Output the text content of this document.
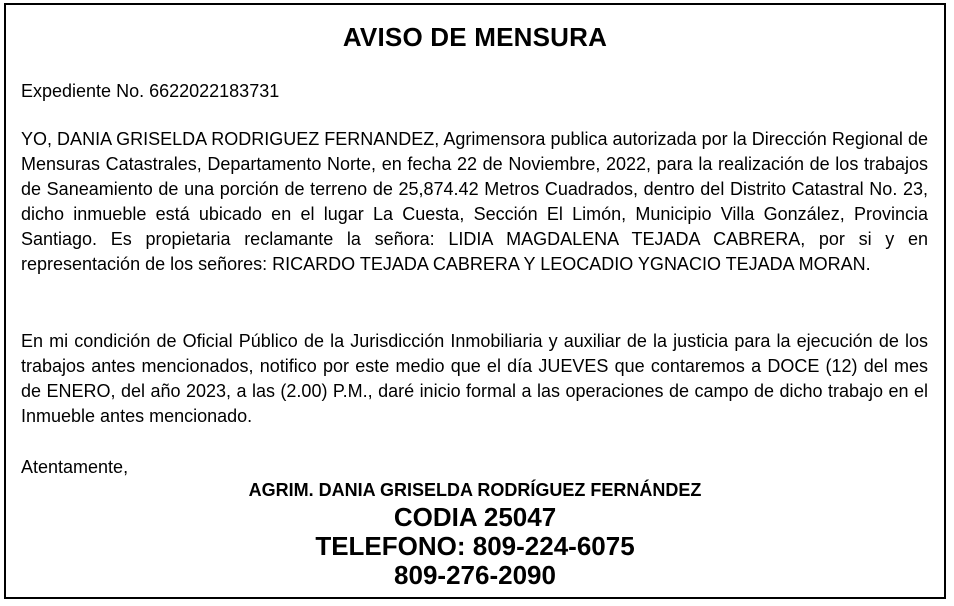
AVISO DE MENSURA
Expediente No. 6622022183731

YO, DANIA GRISELDA RODRIGUEZ FERNANDEZ, Agrimensora publica autorizada por la Dirección Regional de Mensuras Catastrales, Departamento Norte, en fecha 22 de Noviembre, 2022, para la realización de los trabajos de Saneamiento de una porción de terreno de 25,874.42 Metros Cuadrados, dentro del Distrito Catastral No. 23, dicho inmueble está ubicado en el lugar La Cuesta, Sección El Limón, Municipio Villa González, Provincia Santiago. Es propietaria reclamante la señora: LIDIA MAGDALENA TEJADA CABRERA, por si y en representación de los señores: RICARDO TEJADA CABRERA Y LEOCADIO YGNACIO TEJADA MORAN.

En mi condición de Oficial Público de la Jurisdicción Inmobiliaria y auxiliar de la justicia para la ejecución de los trabajos antes mencionados, notifico por este medio que el día JUEVES que contaremos a DOCE (12) del mes de ENERO, del año 2023, a las (2.00) P.M., daré inicio formal a las operaciones de campo de dicho trabajo en el Inmueble antes mencionado.

Atentamente,
AGRIM. DANIA GRISELDA RODRÍGUEZ FERNÁNDEZ
CODIA 25047
TELEFONO: 809-224-6075
809-276-2090
